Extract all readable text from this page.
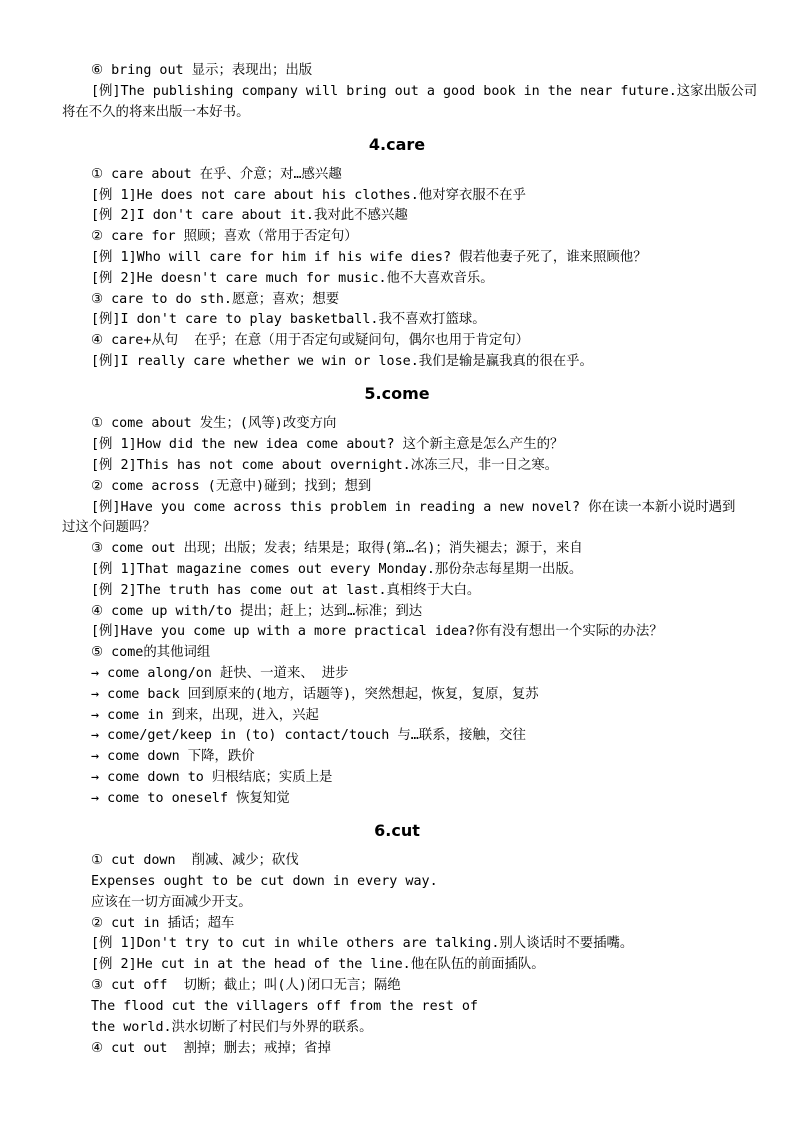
⑥ bring out 显示；表现出；出版

[例]The publishing company will bring out a good book in the near future.这家出版公司

将在不久的将来出版一本好书。

4.care

① care about 在乎、介意；对…感兴趣

[例 1]He does not care about his clothes.他对穿衣服不在乎

[例 2]I don't care about it.我对此不感兴趣

② care for 照顾；喜欢（常用于否定句）

[例 1]Who will care for him if his wife dies? 假若他妻子死了，谁来照顾他？

[例 2]He doesn't care much for music.他不大喜欢音乐。

③ care to do sth.愿意；喜欢；想要

[例]I don't care to play basketball.我不喜欢打篮球。

④ care+从句  在乎；在意（用于否定句或疑问句，偶尔也用于肯定句）

[例]I really care whether we win or lose.我们是输是赢我真的很在乎。

5.come

① come about 发生；(风等)改变方向

[例 1]How did the new idea come about? 这个新主意是怎么产生的？

[例 2]This has not come about overnight.冰冻三尺，非一日之寒。

② come across (无意中)碰到；找到；想到

[例]Have you come across this problem in reading a new novel? 你在读一本新小说时遇到

过这个问题吗？

③ come out 出现；出版；发表；结果是；取得(第…名)；消失褪去；源于，来自

[例 1]That magazine comes out every Monday.那份杂志每星期一出版。

[例 2]The truth has come out at last.真相终于大白。

④ come up with/to 提出；赶上；达到…标准；到达

[例]Have you come up with a more practical idea?你有没有想出一个实际的办法？

⑤ come的其他词组

→ come along/on 赶快、一道来、 进步

→ come back 回到原来的(地方，话题等)，突然想起，恢复，复原，复苏

→ come in 到来，出现，进入，兴起

→ come/get/keep in (to) contact/touch 与…联系，接触，交往

→ come down 下降，跌价

→ come down to 归根结底；实质上是

→ come to oneself 恢复知觉

6.cut

① cut down  削减、减少；砍伐

Expenses ought to be cut down in every way.

应该在一切方面减少开支。

② cut in 插话；超车

[例 1]Don't try to cut in while others are talking.别人谈话时不要插嘴。

[例 2]He cut in at the head of the line.他在队伍的前面插队。

③ cut off  切断；截止；叫(人)闭口无言；隔绝

The flood cut the villagers off from the rest of

the world.洪水切断了村民们与外界的联系。

④ cut out  割掉；删去；戒掉；省掉
